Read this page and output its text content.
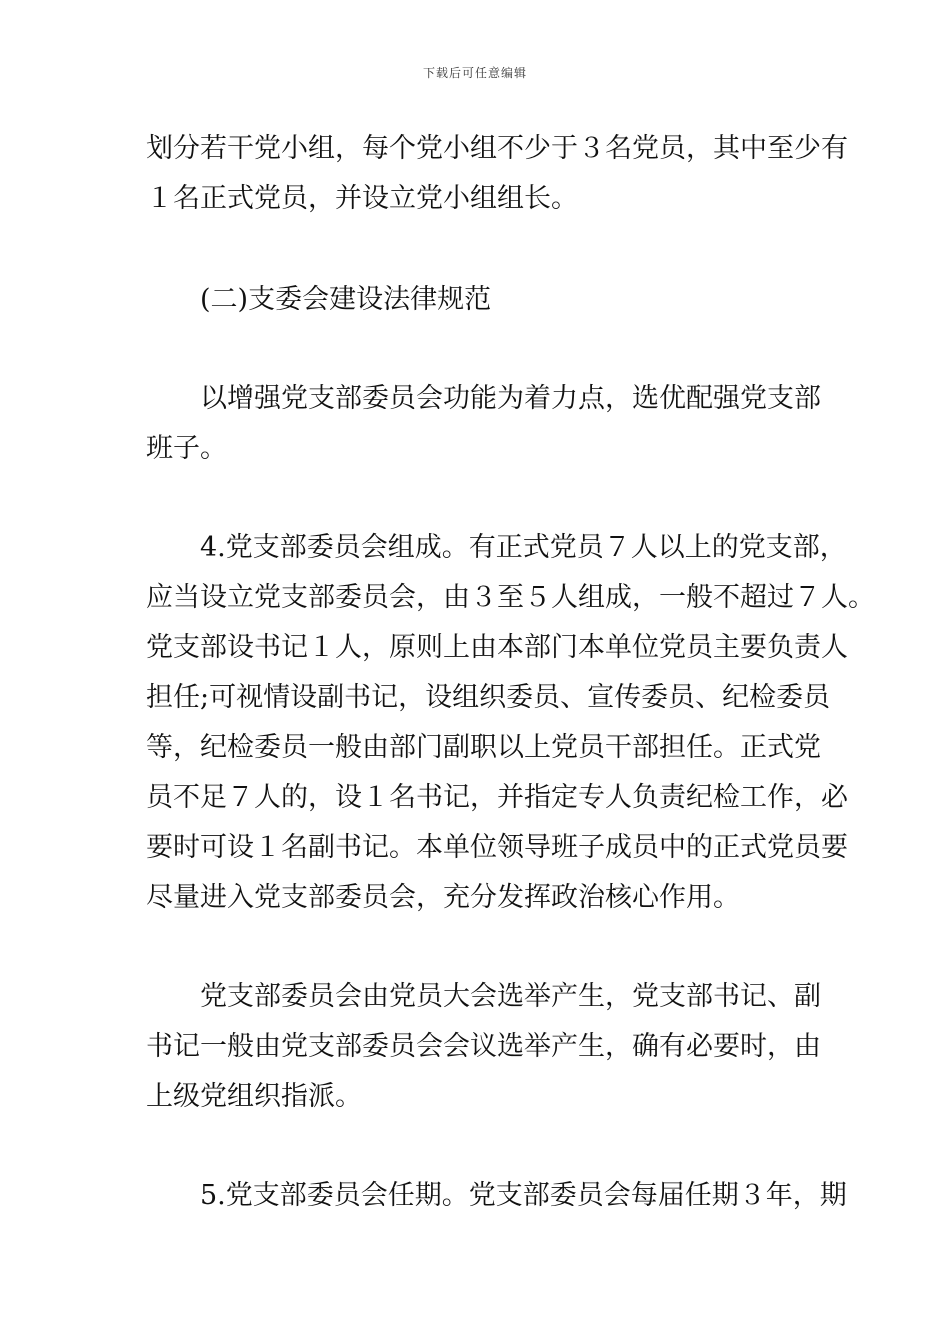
下载后可任意编辑
划分若干党小组，每个党小组不少于３名党员，其中至少有
１名正式党员，并设立党小组组长。
(二)支委会建设法律规范
以增强党支部委员会功能为着力点，选优配强党支部
班子。
4.党支部委员会组成。有正式党员７人以上的党支部，
应当设立党支部委员会，由３至５人组成，一般不超过７人。
党支部设书记１人，原则上由本部门本单位党员主要负责人
担任;可视情设副书记，设组织委员、宣传委员、纪检委员
等，纪检委员一般由部门副职以上党员干部担任。正式党
员不足７人的，设１名书记，并指定专人负责纪检工作，必
要时可设１名副书记。本单位领导班子成员中的正式党员要
尽量进入党支部委员会，充分发挥政治核心作用。
党支部委员会由党员大会选举产生，党支部书记、副
书记一般由党支部委员会会议选举产生，确有必要时，由
上级党组织指派。
5.党支部委员会任期。党支部委员会每届任期３年，期
